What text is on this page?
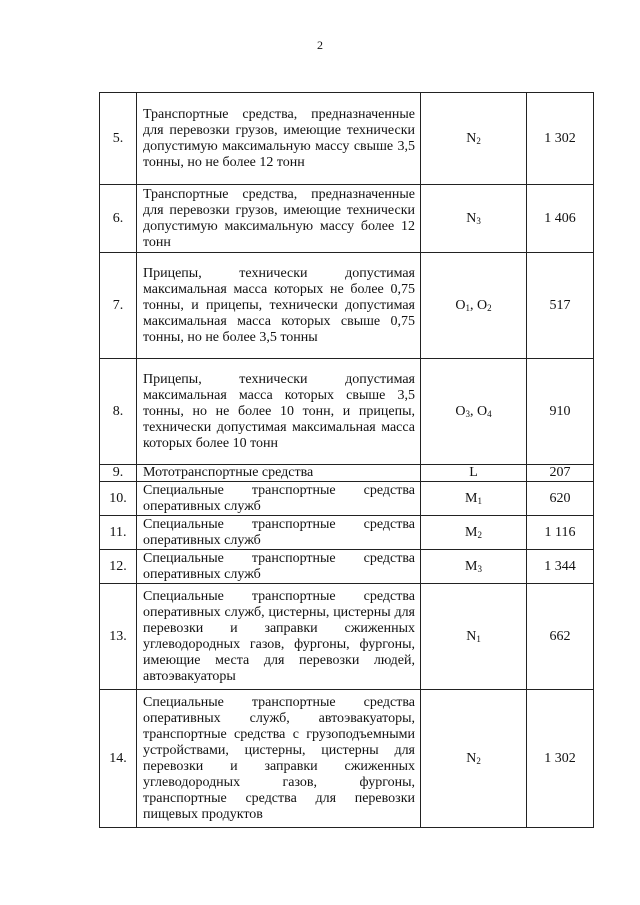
2
5.	Транспортные средства, предназначенные для перевозки грузов, имеющие технически допустимую максимальную массу свыше 3,5 тонны, но не более 12 тонн	$N_2$	1 302
6.	Транспортные средства, предназначенные для перевозки грузов, имеющие технически допустимую максимальную массу более 12 тонн	$N_3$	1 406
7.	Прицепы, технически допустимая максимальная масса которых не более 0,75 тонны, и прицепы, технически допустимая максимальная масса которых свыше 0,75 тонны, но не более 3,5 тонны	$O_1$, $O_2$	517
8.	Прицепы, технически допустимая максимальная масса которых свыше 3,5 тонны, но не более 10 тонн, и прицепы, технически допустимая максимальная масса которых более 10 тонн	$O_3$, $O_4$	910
9.	Мототранспортные средства	L	207
10.	Специальные транспортные средства оперативных служб	$M_1$	620
11.	Специальные транспортные средства оперативных служб	$M_2$	1 116
12.	Специальные транспортные средства оперативных служб	$M_3$	1 344
13.	Специальные транспортные средства оперативных служб, цистерны, цистерны для перевозки и заправки сжиженных углеводородных газов, фургоны, фургоны, имеющие места для перевозки людей, автоэвакуаторы	$N_1$	662
14.	Специальные транспортные средства оперативных служб, автоэвакуаторы, транспортные средства с грузоподъемными устройствами, цистерны, цистерны для перевозки и заправки сжиженных углеводородных газов, фургоны, транспортные средства для перевозки пищевых продуктов	$N_2$	1 302
